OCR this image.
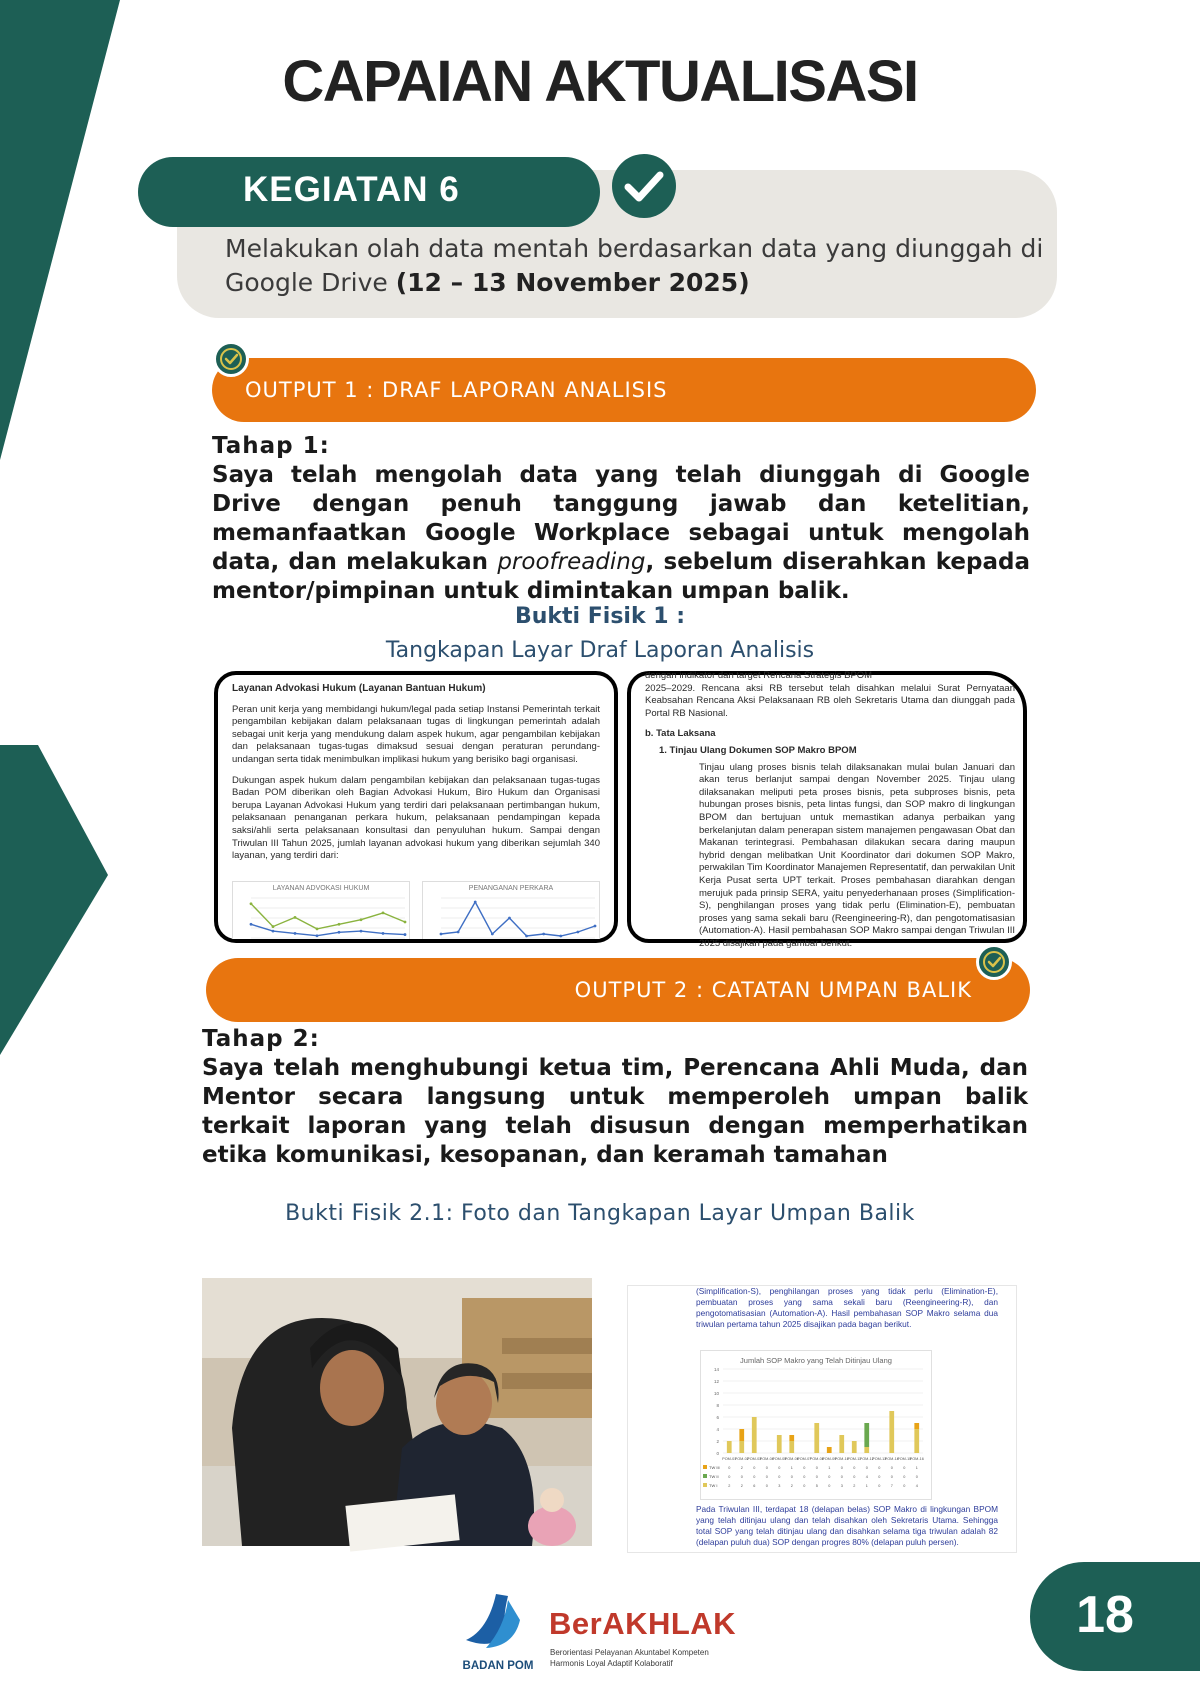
CAPAIAN AKTUALISASI
KEGIATAN 6
Melakukan olah data mentah berdasarkan data yang diunggah di Google Drive (12 – 13 November 2025)
OUTPUT 1 : DRAF LAPORAN ANALISIS
Tahap 1:
Saya telah mengolah data yang telah diunggah di Google Drive dengan penuh tanggung jawab dan ketelitian, memanfaatkan Google Workplace sebagai untuk mengolah data, dan melakukan proofreading, sebelum diserahkan kepada mentor/pimpinan untuk dimintakan umpan balik.
Bukti Fisik 1 :
Tangkapan Layar Draf Laporan Analisis
Layanan Advokasi Hukum (Layanan Bantuan Hukum)
Peran unit kerja yang membidangi hukum/legal pada setiap Instansi Pemerintah terkait pengambilan kebijakan dalam pelaksanaan tugas di lingkungan pemerintah adalah sebagai unit kerja yang mendukung dalam aspek hukum, agar pengambilan kebijakan dan pelaksanaan tugas-tugas dimaksud sesuai dengan peraturan perundang-undangan serta tidak menimbulkan implikasi hukum yang berisiko bagi organisasi.
Dukungan aspek hukum dalam pengambilan kebijakan dan pelaksanaan tugas-tugas Badan POM diberikan oleh Bagian Advokasi Hukum, Biro Hukum dan Organisasi berupa Layanan Advokasi Hukum yang terdiri dari pelaksanaan pertimbangan hukum, pelaksanaan penanganan perkara hukum, pelaksanaan pendampingan kepada saksi/ahli serta pelaksanaan konsultasi dan penyuluhan hukum. Sampai dengan Triwulan III Tahun 2025, jumlah layanan advokasi hukum yang diberikan sejumlah 340 layanan, yang terdiri dari:
LAYANAN ADVOKASI HUKUM	PENANGANAN PERKARA
dengan indikator dan target Rencana Strategis BPOM
2025–2029. Rencana aksi RB tersebut telah disahkan melalui Surat Pernyataan Keabsahan Rencana Aksi Pelaksanaan RB oleh Sekretaris Utama dan diunggah pada Portal RB Nasional.
b. Tata Laksana
1. Tinjau Ulang Dokumen SOP Makro BPOM
Tinjau ulang proses bisnis telah dilaksanakan mulai bulan Januari dan akan terus berlanjut sampai dengan November 2025. Tinjau ulang dilaksanakan meliputi peta proses bisnis, peta subproses bisnis, peta hubungan proses bisnis, peta lintas fungsi, dan SOP makro di lingkungan BPOM dan bertujuan untuk memastikan adanya perbaikan yang berkelanjutan dalam penerapan sistem manajemen pengawasan Obat dan Makanan terintegrasi. Pembahasan dilakukan secara daring maupun hybrid dengan melibatkan Unit Koordinator dari dokumen SOP Makro, perwakilan Tim Koordinator Manajemen Representatif, dan perwakilan Unit Kerja Pusat serta UPT terkait. Proses pembahasan diarahkan dengan merujuk pada prinsip SERA, yaitu penyederhanaan proses (Simplification-S), penghilangan proses yang tidak perlu (Elimination-E), pembuatan proses yang sama sekali baru (Reengineering-R), dan pengotomatisasian (Automation-A). Hasil pembahasan SOP Makro sampai dengan Triwulan III 2025 disajikan pada gambar berikut.
OUTPUT 2 : CATATAN UMPAN BALIK
Tahap 2:
Saya telah menghubungi ketua tim, Perencana Ahli Muda, dan Mentor secara langsung untuk memperoleh umpan balik terkait laporan yang telah disusun dengan memperhatikan etika komunikasi, kesopanan, dan keramah tamahan
Bukti Fisik 2.1: Foto dan Tangkapan Layar Umpan Balik
(Simplification-S), penghilangan proses yang tidak perlu (Elimination-E), pembuatan proses yang sama sekali baru (Reengineering-R), dan pengotomatisasian (Automation-A). Hasil pembahasan SOP Makro selama dua triwulan pertama tahun 2025 disajikan pada bagan berikut.
Jumlah SOP Makro yang Telah Ditinjau Ulang
0
2
4
6
8
10
12
14
POM-01
POM-02
POM-03
POM-04
POM-05
POM-06
POM-07
POM-08
POM-09
POM-10
POM-11
POM-12
POM-13
POM-14
POM-15
POM-16
TW III 0	2	0	0	0	1	0	0	1	0	0	0	0	0	0	1
TW II	0	0	0	0	0	0	0	0	0	0	0	4	0	0	0	0
TW I	2	2	6	0	3	2	0	5	0	3	2	1	0	7	0	4
Pada Triwulan III, terdapat 18 (delapan belas) SOP Makro di lingkungan BPOM yang telah ditinjau ulang dan telah disahkan oleh Sekretaris Utama. Sehingga total SOP yang telah ditinjau ulang dan disahkan selama tiga triwulan adalah 82 (delapan puluh dua) SOP dengan progres 80% (delapan puluh persen).
BADAN POM
BerAKHLAK
Berorientasi Pelayanan Akuntabel Kompeten
Harmonis Loyal Adaptif Kolaboratif
18
